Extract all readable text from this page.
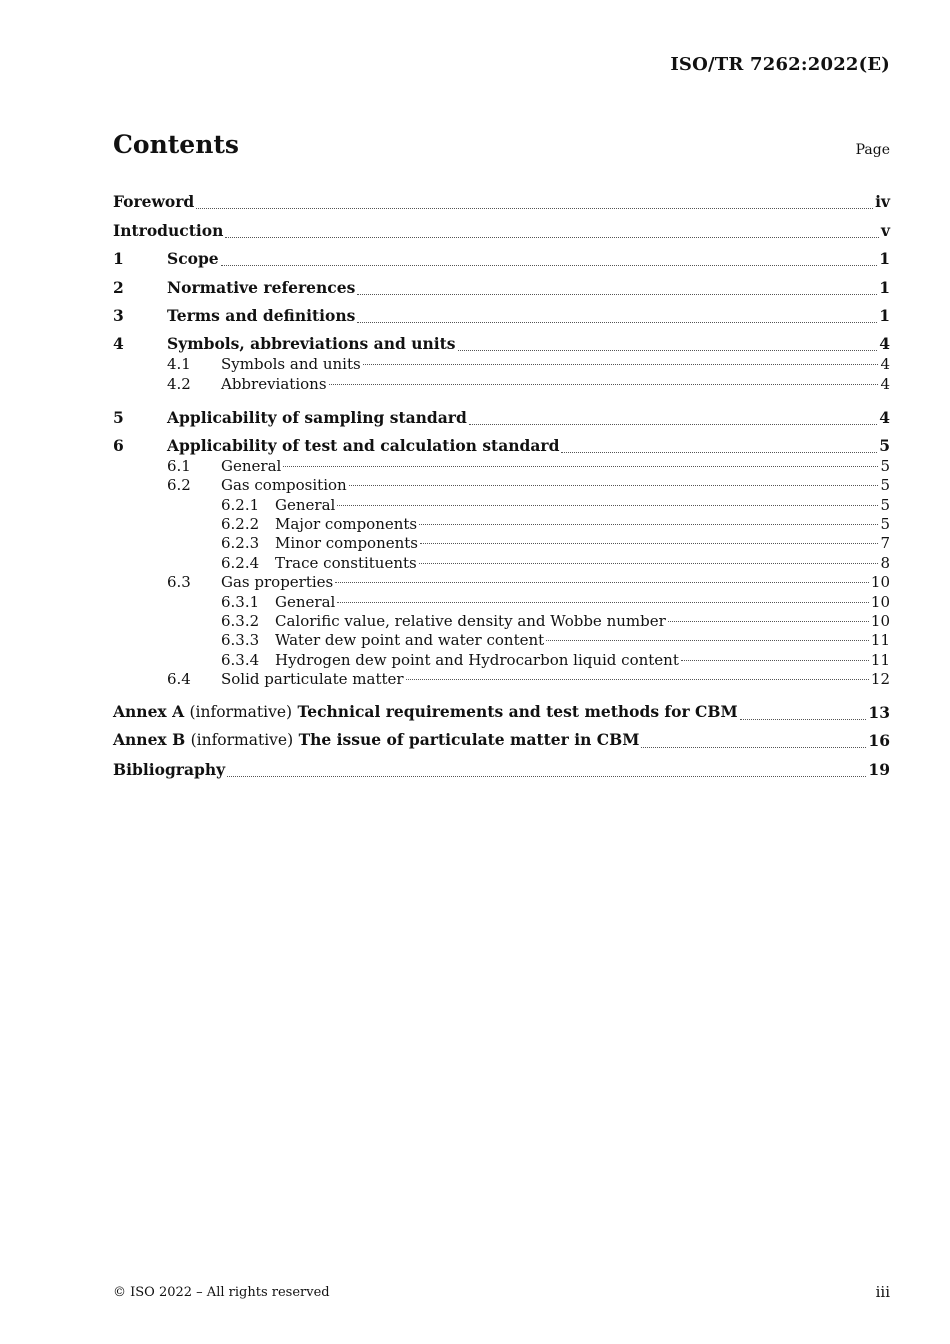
ISO/TR 7262:2022(E)
Contents	Page
Foreword	iv
Introduction	v
1	Scope	1
2	Normative references	1
3	Terms and definitions	1
4	Symbols, abbreviations and units	4
4.1	Symbols and units	4
4.2	Abbreviations	4
5	Applicability of sampling standard	4
6	Applicability of test and calculation standard	5
6.1	General	5
6.2	Gas composition	5
6.2.1	General	5
6.2.2	Major components	5
6.2.3	Minor components	7
6.2.4	Trace constituents	8
6.3	Gas properties	10
6.3.1	General	10
6.3.2	Calorific value, relative density and Wobbe number	10
6.3.3	Water dew point and water content	11
6.3.4	Hydrogen dew point and Hydrocarbon liquid content	11
6.4	Solid particulate matter	12
Annex A (informative) Technical requirements and test methods for CBM	13
Annex B (informative) The issue of particulate matter in CBM	16
Bibliography	19
© ISO 2022 – All rights reserved	iii
